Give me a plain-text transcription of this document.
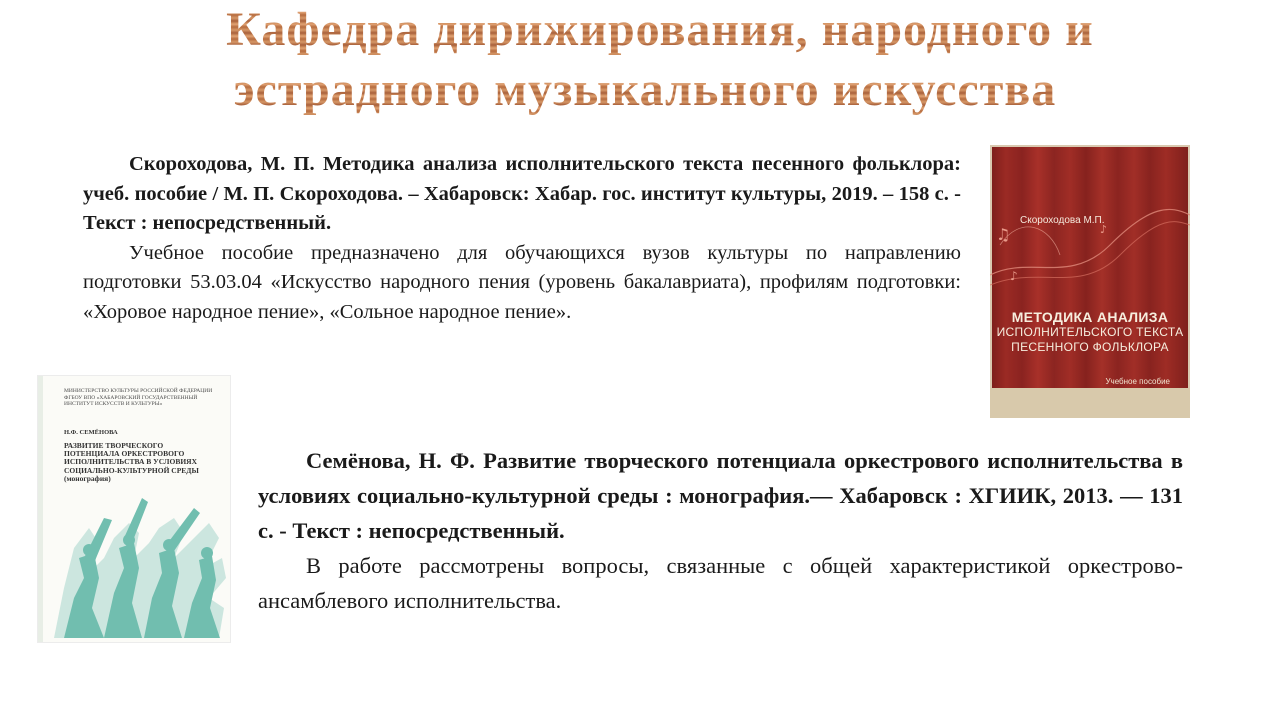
Кафедра дирижирования, народного и
эстрадного музыкального искусства

Скороходова, М. П. Методика анализа исполнительского текста песенного фольклора: учеб. пособие / М. П. Скороходова. – Хабаровск: Хабар. гос. институт культуры, 2019. – 158 с. - Текст : непосредственный.

Учебное пособие предназначено для обучающихся вузов культуры по направлению подготовки 53.03.04 «Искусство народного пения (уровень бакалавриата), профилям подготовки: «Хоровое народное пение», «Сольное народное пение».

♫
♪
♪
Скороходова М.П.
МЕТОДИКА АНАЛИЗА
ИСПОЛНИТЕЛЬСКОГО ТЕКСТА
ПЕСЕННОГО ФОЛЬКЛОРА
Учебное пособие
МИНИСТЕРСТВО КУЛЬТУРЫ РОССИЙСКОЙ ФЕДЕРАЦИИ ФГБОУ ВПО «ХАБАРОВСКИЙ ГОСУДАРСТВЕННЫЙ ИНСТИТУТ ИСКУССТВ И КУЛЬТУРЫ»
Н.Ф. СЕМЁНОВА
РАЗВИТИЕ ТВОРЧЕСКОГО ПОТЕНЦИАЛА ОРКЕСТРОВОГО ИСПОЛНИТЕЛЬСТВА В УСЛОВИЯХ СОЦИАЛЬНО-КУЛЬТУРНОЙ СРЕДЫ
(монография)

Семёнова, Н. Ф. Развитие творческого потенциала оркестрового исполнительства в условиях социально-культурной среды : монография.— Хабаровск : ХГИИК, 2013. — 131 с. - Текст : непосредственный.

В работе рассмотрены вопросы, связанные с общей характеристикой оркестрово-ансамблевого исполнительства.
